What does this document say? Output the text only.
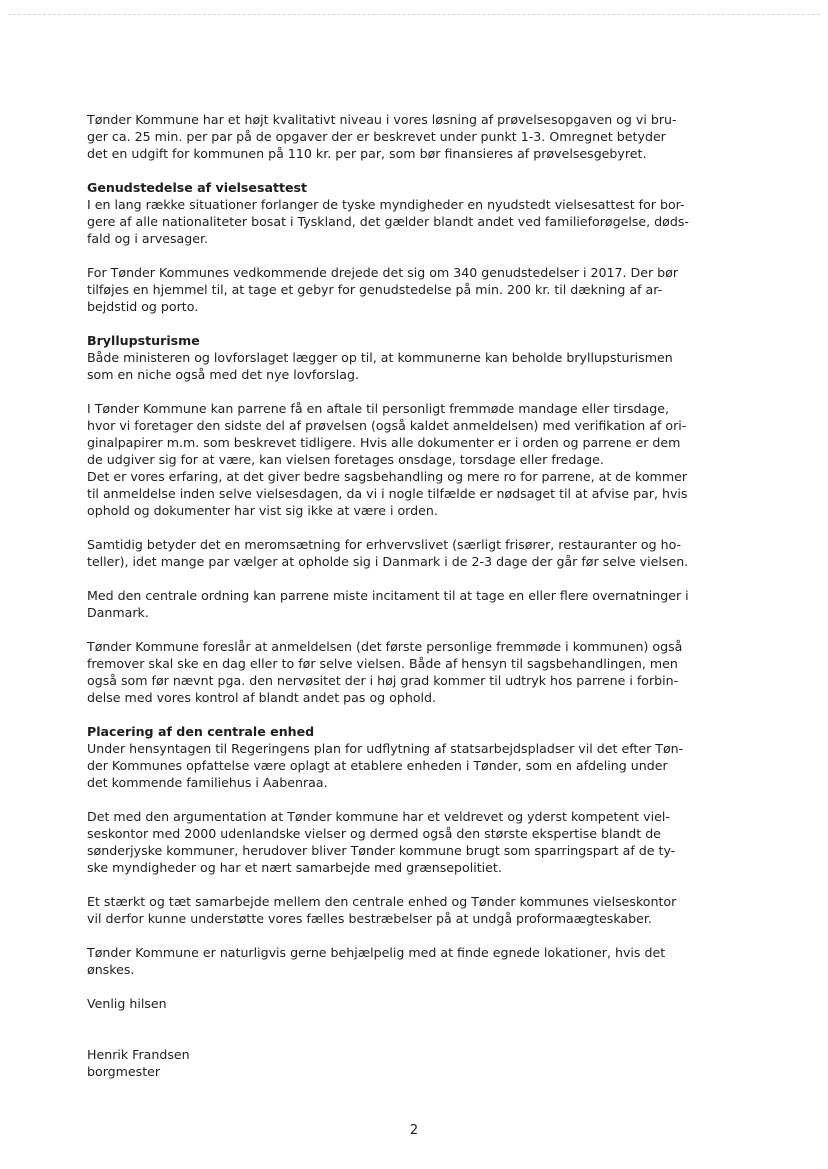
Tønder Kommune har et højt kvalitativt niveau i vores løsning af prøvelsesopgaven og vi bru-
ger ca. 25 min. per par på de opgaver der er beskrevet under punkt 1-3. Omregnet betyder
det en udgift for kommunen på 110 kr. per par, som bør finansieres af prøvelsesgebyret.

Genudstedelse af vielsesattest
I en lang række situationer forlanger de tyske myndigheder en nyudstedt vielsesattest for bor-
gere af alle nationaliteter bosat i Tyskland, det gælder blandt andet ved familieforøgelse, døds-
fald og i arvesager.

For Tønder Kommunes vedkommende drejede det sig om 340 genudstedelser i 2017. Der bør
tilføjes en hjemmel til, at tage et gebyr for genudstedelse på min. 200 kr. til dækning af ar-
bejdstid og porto.

Bryllupsturisme
Både ministeren og lovforslaget lægger op til, at kommunerne kan beholde bryllupsturismen
som en niche også med det nye lovforslag.

I Tønder Kommune kan parrene få en aftale til personligt fremmøde mandage eller tirsdage,
hvor vi foretager den sidste del af prøvelsen (også kaldet anmeldelsen) med verifikation af ori-
ginalpapirer m.m. som beskrevet tidligere. Hvis alle dokumenter er i orden og parrene er dem
de udgiver sig for at være, kan vielsen foretages onsdage, torsdage eller fredage.
Det er vores erfaring, at det giver bedre sagsbehandling og mere ro for parrene, at de kommer
til anmeldelse inden selve vielsesdagen, da vi i nogle tilfælde er nødsaget til at afvise par, hvis
ophold og dokumenter har vist sig ikke at være i orden.

Samtidig betyder det en meromsætning for erhvervslivet (særligt frisører, restauranter og ho-
teller), idet mange par vælger at opholde sig i Danmark i de 2-3 dage der går før selve vielsen.

Med den centrale ordning kan parrene miste incitament til at tage en eller flere overnatninger i
Danmark.

Tønder Kommune foreslår at anmeldelsen (det første personlige fremmøde i kommunen) også
fremover skal ske en dag eller to før selve vielsen. Både af hensyn til sagsbehandlingen, men
også som før nævnt pga. den nervøsitet der i høj grad kommer til udtryk hos parrene i forbin-
delse med vores kontrol af blandt andet pas og ophold.

Placering af den centrale enhed
Under hensyntagen til Regeringens plan for udflytning af statsarbejdspladser vil det efter Tøn-
der Kommunes opfattelse være oplagt at etablere enheden i Tønder, som en afdeling under
det kommende familiehus i Aabenraa.

Det med den argumentation at Tønder kommune har et veldrevet og yderst kompetent viel-
seskontor med 2000 udenlandske vielser og dermed også den største ekspertise blandt de
sønderjyske kommuner, herudover bliver Tønder kommune brugt som sparringspart af de ty-
ske myndigheder og har et nært samarbejde med grænsepolitiet.

Et stærkt og tæt samarbejde mellem den centrale enhed og Tønder kommunes vielseskontor
vil derfor kunne understøtte vores fælles bestræbelser på at undgå proformaægteskaber.

Tønder Kommune er naturligvis gerne behjælpelig med at finde egnede lokationer, hvis det
ønskes.

Venlig hilsen

Henrik Frandsen
borgmester

2
